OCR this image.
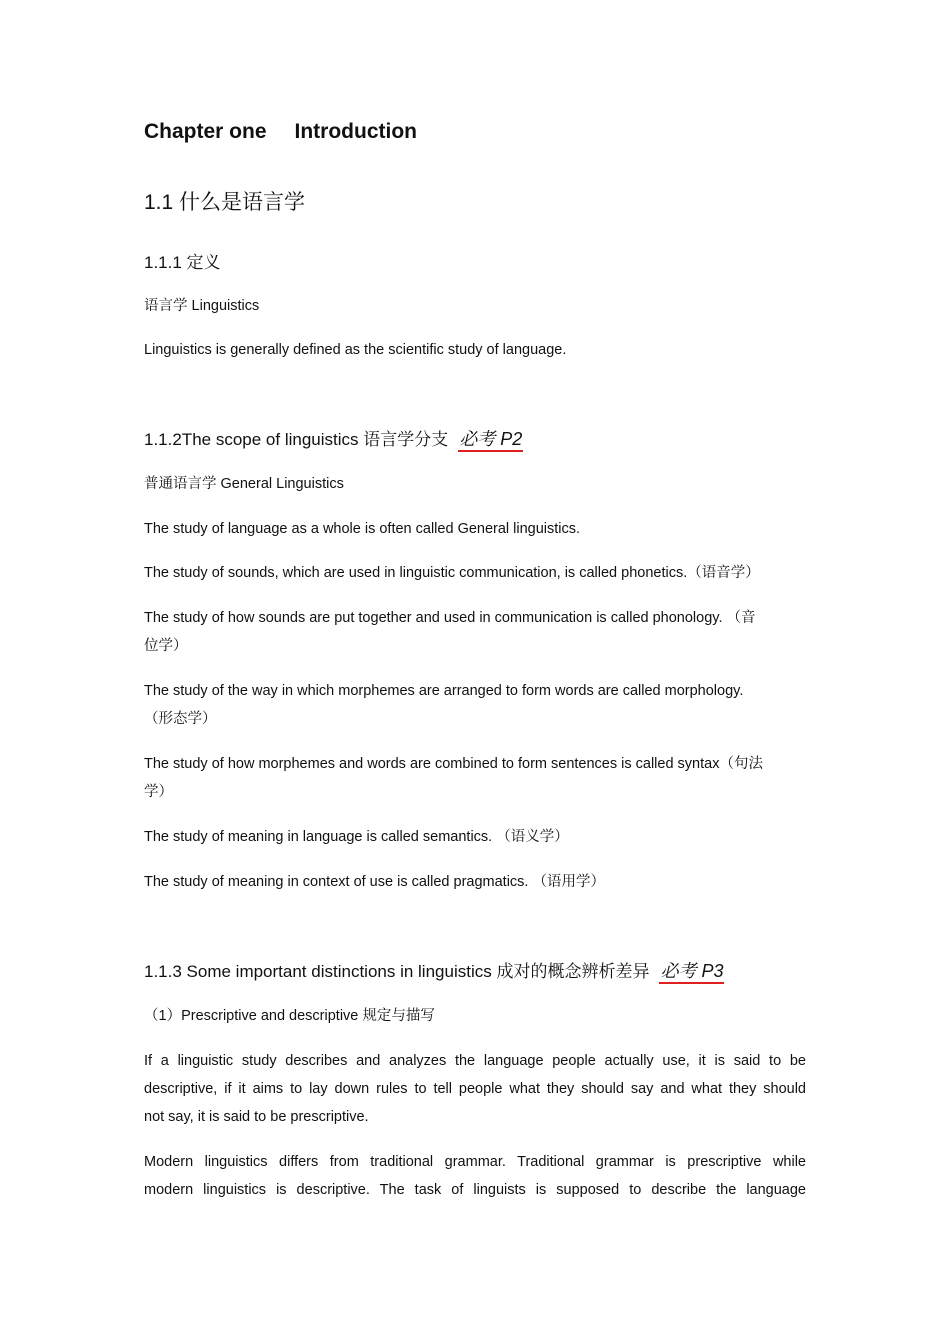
Chapter one Introduction
1.1 什么是语言学
1.1.1 定义
语言学 Linguistics
Linguistics is generally defined as the scientific study of language.
1.1.2The scope of linguistics 语言学分支 必考 P2
普通语言学 General Linguistics
The study of language as a whole is often called General linguistics.
The study of sounds, which are used in linguistic communication, is called phonetics.（语音学）
The study of how sounds are put together and used in communication is called phonology. （音
位学）
The study of the way in which morphemes are arranged to form words are called morphology.
（形态学）
The study of how morphemes and words are combined to form sentences is called syntax（句法
学）
The study of meaning in language is called semantics. （语义学）
The study of meaning in context of use is called pragmatics. （语用学）
1.1.3 Some important distinctions in linguistics 成对的概念辨析差异 必考 P3
（1）Prescriptive and descriptive 规定与描写
If a linguistic study describes and analyzes the language people actually use, it is said to be
descriptive, if it aims to lay down rules to tell people what they should say and what they should
not say, it is said to be prescriptive.
Modern linguistics differs from traditional grammar. Traditional grammar is prescriptive while
modern linguistics is descriptive. The task of linguists is supposed to describe the language
